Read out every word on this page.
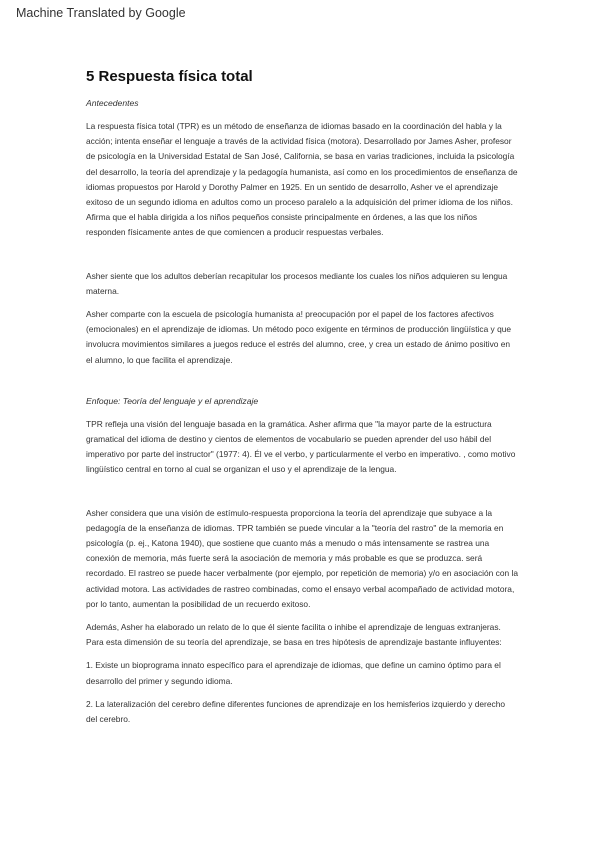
Machine Translated by Google
5 Respuesta física total
Antecedentes

La respuesta física total (TPR) es un método de enseñanza de idiomas basado en la coordinación del habla y la acción; intenta enseñar el lenguaje a través de la actividad física (motora). Desarrollado por James Asher, profesor de psicología en la Universidad Estatal de San José, California, se basa en varias tradiciones, incluida la psicología del desarrollo, la teoría del aprendizaje y la pedagogía humanista, así como en los procedimientos de enseñanza de idiomas propuestos por Harold y Dorothy Palmer en 1925. En un sentido de desarrollo, Asher ve el aprendizaje exitoso de un segundo idioma en adultos como un proceso paralelo a la adquisición del primer idioma de los niños. Afirma que el habla dirigida a los niños pequeños consiste principalmente en órdenes, a las que los niños responden físicamente antes de que comiencen a producir respuestas verbales.

Asher siente que los adultos deberían recapitular los procesos mediante los cuales los niños adquieren su lengua materna.

Asher comparte con la escuela de psicología humanista a! preocupación por el papel de los factores afectivos (emocionales) en el aprendizaje de idiomas. Un método poco exigente en términos de producción lingüística y que involucra movimientos similares a juegos reduce el estrés del alumno, cree, y crea un estado de ánimo positivo en el alumno, lo que facilita el aprendizaje.

Enfoque: Teoría del lenguaje y el aprendizaje

TPR refleja una visión del lenguaje basada en la gramática. Asher afirma que "la mayor parte de la estructura gramatical del idioma de destino y cientos de elementos de vocabulario se pueden aprender del uso hábil del imperativo por parte del instructor" (1977: 4). Él ve el verbo, y particularmente el verbo en imperativo. , como motivo lingüístico central en torno al cual se organizan el uso y el aprendizaje de la lengua.

Asher considera que una visión de estímulo-respuesta proporciona la teoría del aprendizaje que subyace a la pedagogía de la enseñanza de idiomas. TPR también se puede vincular a la "teoría del rastro" de la memoria en psicología (p. ej., Katona 1940), que sostiene que cuanto más a menudo o más intensamente se rastrea una conexión de memoria, más fuerte será la asociación de memoria y más probable es que se produzca. será recordado. El rastreo se puede hacer verbalmente (por ejemplo, por repetición de memoria) y/o en asociación con la actividad motora. Las actividades de rastreo combinadas, como el ensayo verbal acompañado de actividad motora, por lo tanto, aumentan la posibilidad de un recuerdo exitoso.

Además, Asher ha elaborado un relato de lo que él siente facilita o inhibe el aprendizaje de lenguas extranjeras. Para esta dimensión de su teoría del aprendizaje, se basa en tres hipótesis de aprendizaje bastante influyentes:

1. Existe un bioprograma innato específico para el aprendizaje de idiomas, que define un camino óptimo para el desarrollo del primer y segundo idioma.

2. La lateralización del cerebro define diferentes funciones de aprendizaje en los hemisferios izquierdo y derecho del cerebro.
